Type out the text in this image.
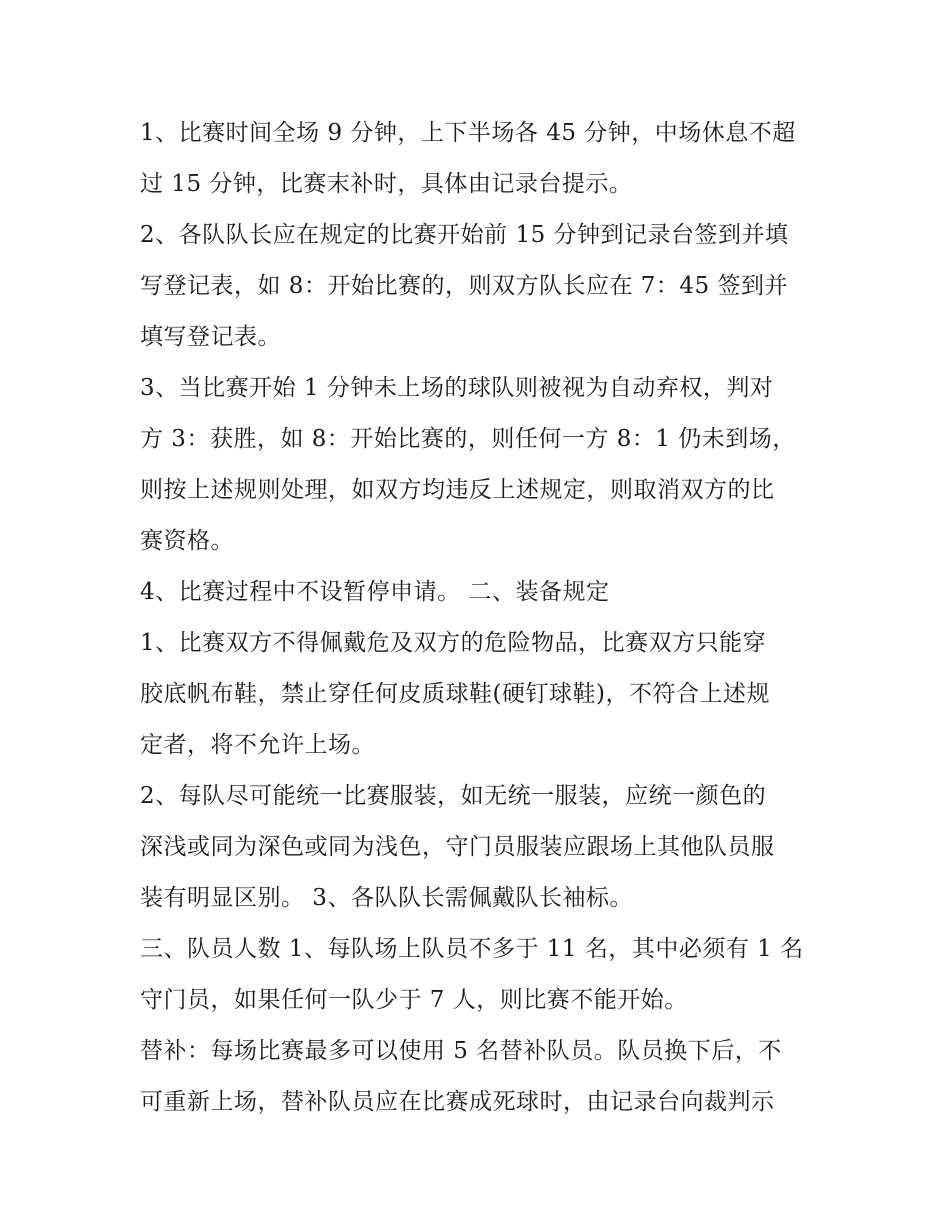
1、比赛时间全场 9 分钟，上下半场各 45 分钟，中场休息不超
过 15 分钟，比赛末补时，具体由记录台提示。
2、各队队长应在规定的比赛开始前 15 分钟到记录台签到并填
写登记表，如 8：开始比赛的，则双方队长应在 7：45 签到并
填写登记表。
3、当比赛开始 1 分钟未上场的球队则被视为自动弃权，判对
方 3：获胜，如 8：开始比赛的，则任何一方 8：1 仍未到场，
则按上述规则处理，如双方均违反上述规定，则取消双方的比
赛资格。
4、比赛过程中不设暂停申请。 二、装备规定
1、比赛双方不得佩戴危及双方的危险物品，比赛双方只能穿
胶底帆布鞋，禁止穿任何皮质球鞋(硬钉球鞋)，不符合上述规
定者，将不允许上场。
2、每队尽可能统一比赛服装，如无统一服装，应统一颜色的
深浅或同为深色或同为浅色，守门员服装应跟场上其他队员服
装有明显区别。 3、各队队长需佩戴队长袖标。
三、队员人数 1、每队场上队员不多于 11 名，其中必须有 1 名
守门员，如果任何一队少于 7 人，则比赛不能开始。
替补：每场比赛最多可以使用 5 名替补队员。队员换下后，不
可重新上场，替补队员应在比赛成死球时，由记录台向裁判示
